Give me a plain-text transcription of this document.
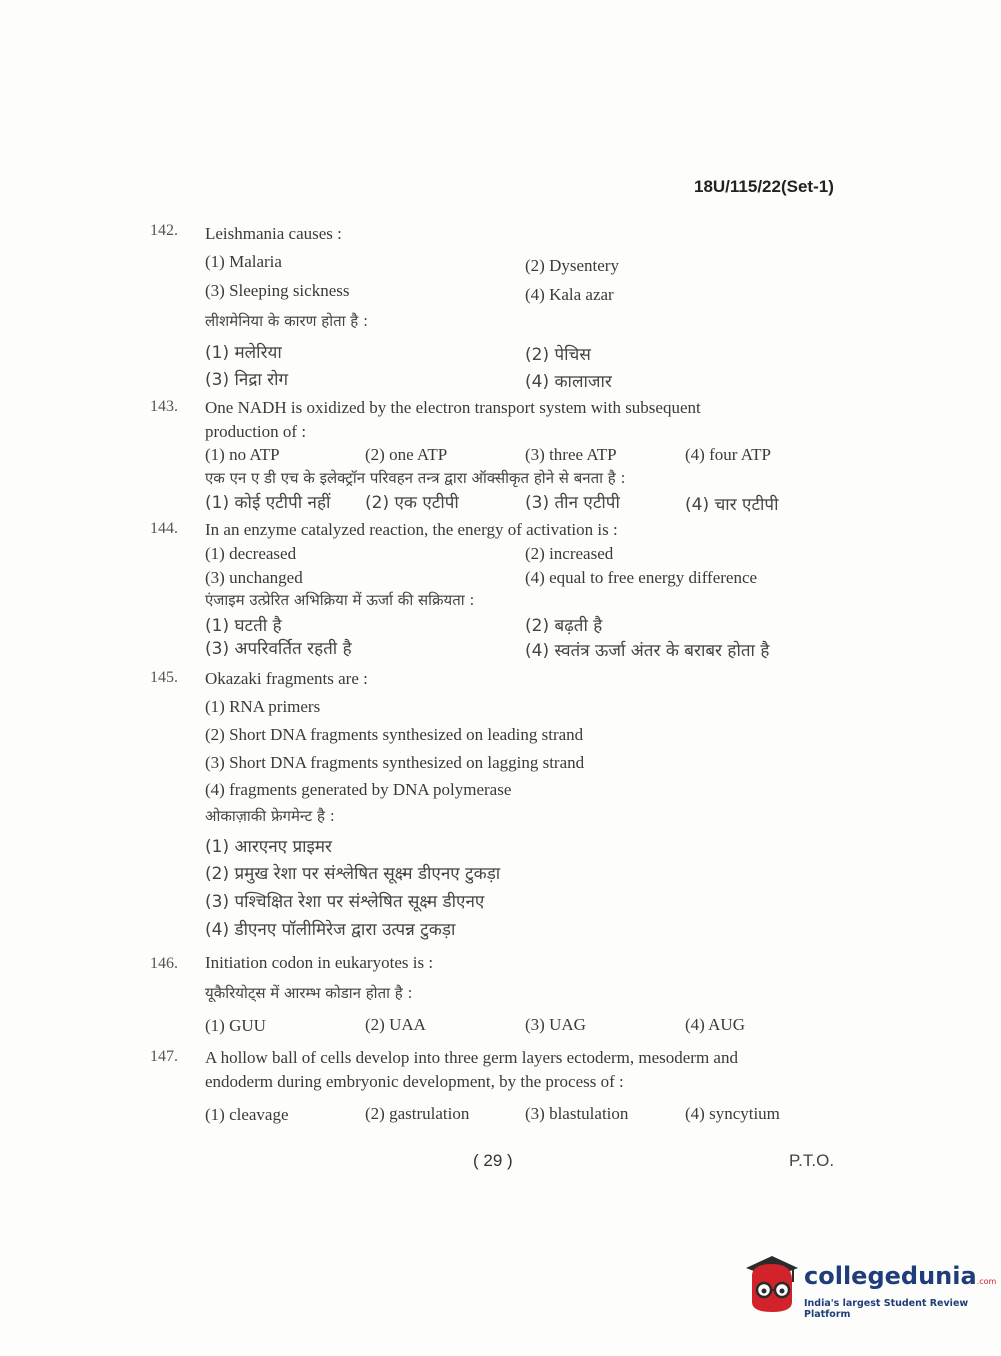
18U/115/22(Set-1)
142. Leishmania causes :
(1) Malaria	(2) Dysentery
(3) Sleeping sickness	(4) Kala azar
लीशमेनिया के कारण होता है :
(1) मलेरिया	(2) पेचिस
(3) निद्रा रोग	(4) कालाजार
143. One NADH is oxidized by the electron transport system with subsequent
production of :
(1) no ATP	(2) one ATP	(3) three ATP	(4) four ATP
एक एन ए डी एच के इलेक्ट्रॉन परिवहन तन्त्र द्वारा ऑक्सीकृत होने से बनता है :
(1) कोई एटीपी नहीं (2) एक एटीपी	(3) तीन एटीपी	(4) चार एटीपी
144. In an enzyme catalyzed reaction, the energy of activation is :
(1) decreased	(2) increased
(3) unchanged	(4) equal to free energy difference
एंजाइम उत्प्रेरित अभिक्रिया में ऊर्जा की सक्रियता :
(1) घटती है	(2) बढ़ती है
(3) अपरिवर्तित रहती है	(4) स्वतंत्र ऊर्जा अंतर के बराबर होता है
145. Okazaki fragments are :
(1) RNA primers
(2) Short DNA fragments synthesized on leading strand
(3) Short DNA fragments synthesized on lagging strand
(4) fragments generated by DNA polymerase
ओकाज़ाकी फ्रेगमेन्ट है :
(1) आरएनए प्राइमर
(2) प्रमुख रेशा पर संश्लेषित सूक्ष्म डीएनए टुकड़ा
(3) पश्चिक्षित रेशा पर संश्लेषित सूक्ष्म डीएनए
(4) डीएनए पॉलीमिरेज द्वारा उत्पन्न टुकड़ा
146. Initiation codon in eukaryotes is :
यूकैरियोट्स में आरम्भ कोडान होता है :
(1) GUU	(2) UAA	(3) UAG	(4) AUG
147. A hollow ball of cells develop into three germ layers ectoderm, mesoderm and
endoderm during embryonic development, by the process of :
(1) cleavage	(2) gastrulation	(3) blastulation	(4) syncytium
( 29 )	P.T.O.
collegedunia.com
India's largest Student Review Platform
